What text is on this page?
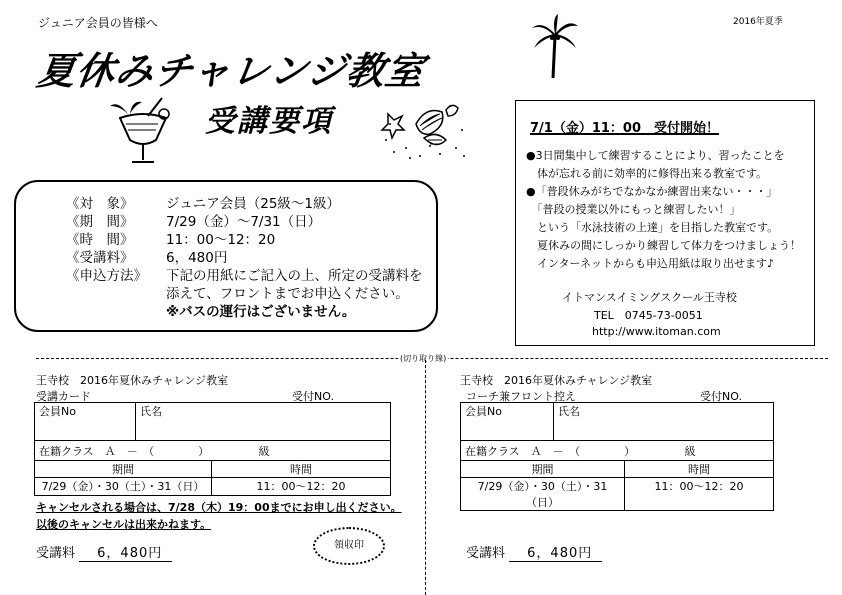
ジュニア会員の皆様へ	2016年夏季
夏休みチャレンジ教室
受講要項
《対　象》 ジュニア会員（25級～1級）
《期　間》 7/29（金）～7/31（日）
《時　間》 11：00～12：20
《受講料》 6，480円
《申込方法》 下記の用紙にご記入の上、所定の受講料を
添えて、フロントまでお申込ください。
※バスの運行はございません。
7/1（金）11：00　受付開始！
●3日間集中して練習することにより、習ったことを
　体が忘れる前に効率的に修得出来る教室です。
●「普段休みがちでなかなか練習出来ない・・・」
　「普段の授業以外にもっと練習したい！」
　という「水泳技術の上達」を目指した教室です。
　夏休みの間にしっかり練習して体力をつけましょう！
　インターネットからも申込用紙は取り出せます♪
イトマンスイミングスクール王寺校
TEL　0745-73-0051
http://www.itoman.com
(切り取り線)
王寺校　2016年夏休みチャレンジ教室
受講カード	受付NO.
会員No	氏名	
在籍クラス　Ａ　－　（　　　　）　　　　　級		
期間		時間
7/29（金）・30（土）・31（日）		11：00～12：20
キャンセルされる場合は、7/28（木）19：00までにお申し出ください。
以後のキャンセルは出来かねます。
受講料 6，480円
領収印
王寺校　2016年夏休みチャレンジ教室
コーチ兼フロント控え	受付NO.
会員No	氏名	
在籍クラス　Ａ　－　（　　　　）　　　　　級		
期間		時間
7/29（金）・30（土）・31（日）		11：00～12：20
受講料 6，480円
